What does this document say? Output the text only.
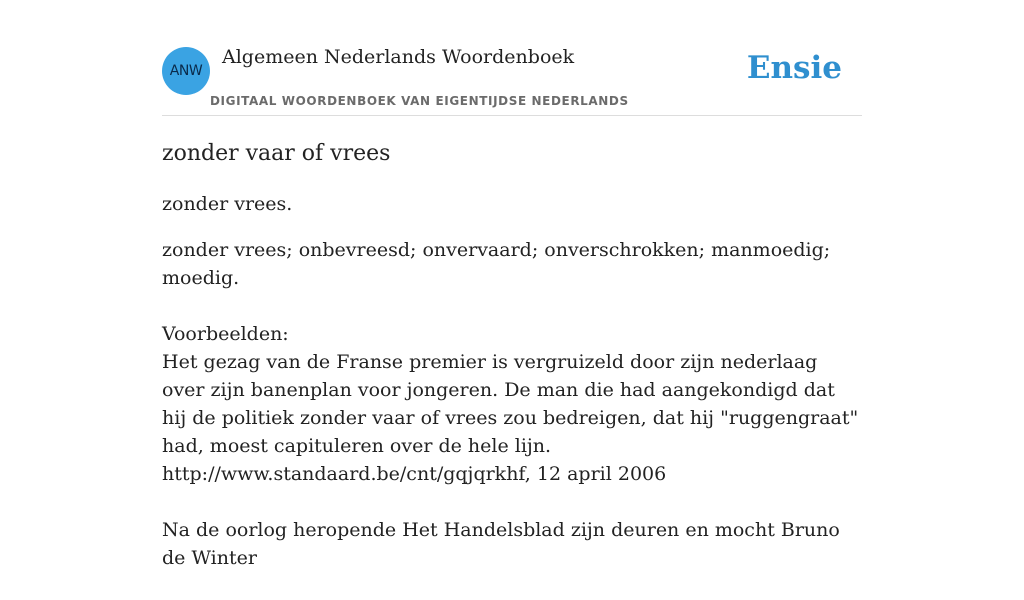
ANW
Algemeen Nederlands Woordenboek
DIGITAAL WOORDENBOEK VAN EIGENTIJDSE NEDERLANDS
Ensie
zonder vaar of vrees

zonder vrees.

zonder vrees; onbevreesd; onvervaard; onverschrokken; manmoedig; moedig.

Voorbeelden:
Het gezag van de Franse premier is vergruizeld door zijn nederlaag over zijn banenplan voor jongeren. De man die had aangekondigd dat hij de politiek zonder vaar of vrees zou bedreigen, dat hij "ruggengraat" had, moest capituleren over de hele lijn.
http://www.standaard.be/cnt/gqjqrkhf, 12 april 2006
Na de oorlog heropende Het Handelsblad zijn deuren en mocht Bruno de Winter
